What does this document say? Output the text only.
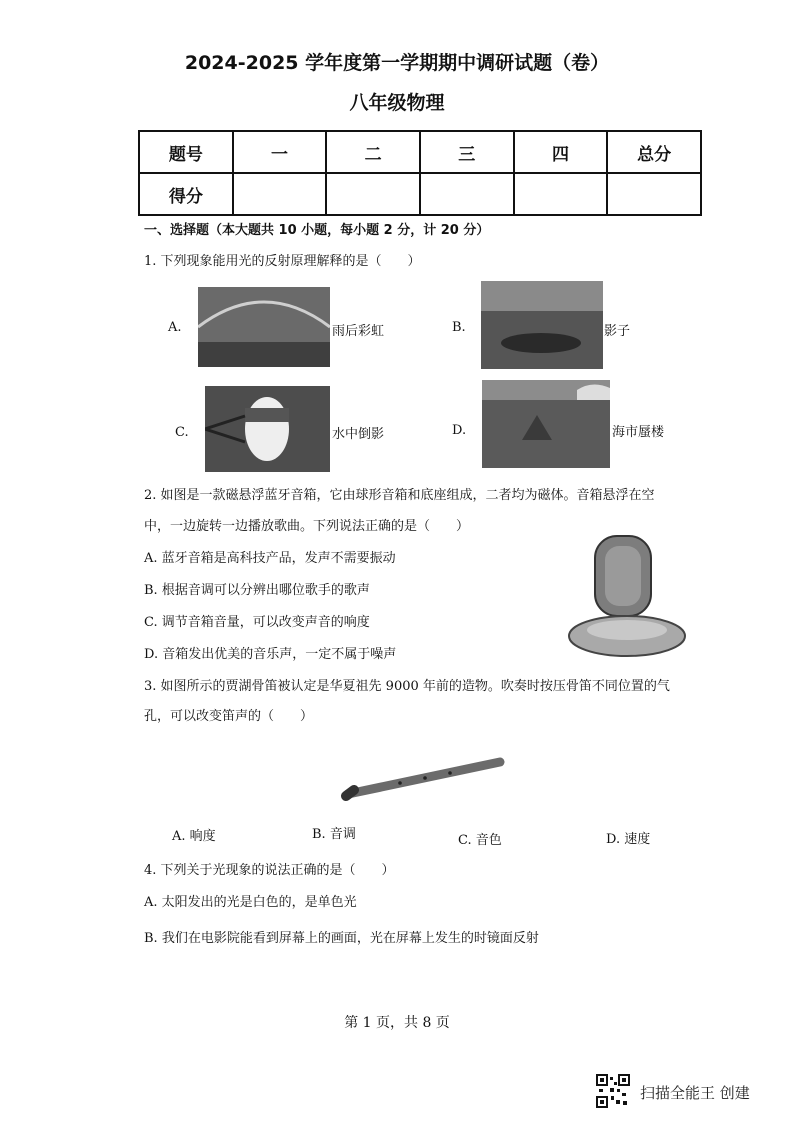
2024-2025 学年度第一学期期中调研试题（卷）
八年级物理
题号	一	二	三	四	总分
得分					
一、选择题（本大题共 10 小题，每小题 2 分，计 20 分）
1. 下列现象能用光的反射原理解释的是（　　）
A.	雨后彩虹	B.	影子
C.	水中倒影	D.	海市蜃楼
2. 如图是一款磁悬浮蓝牙音箱，它由球形音箱和底座组成，二者均为磁体。音箱悬浮在空
中，一边旋转一边播放歌曲。下列说法正确的是（　　）
A. 蓝牙音箱是高科技产品，发声不需要振动
B. 根据音调可以分辨出哪位歌手的歌声
C. 调节音箱音量，可以改变声音的响度
D. 音箱发出优美的音乐声，一定不属于噪声
3. 如图所示的贾湖骨笛被认定是华夏祖先 9000 年前的造物。吹奏时按压骨笛不同位置的气
孔，可以改变笛声的（　　）
A. 响度	B. 音调	C. 音色	D. 速度
4. 下列关于光现象的说法正确的是（　　）
A. 太阳发出的光是白色的，是单色光
B. 我们在电影院能看到屏幕上的画面，光在屏幕上发生的时镜面反射
第 1 页，共 8 页
扫描全能王 创建
